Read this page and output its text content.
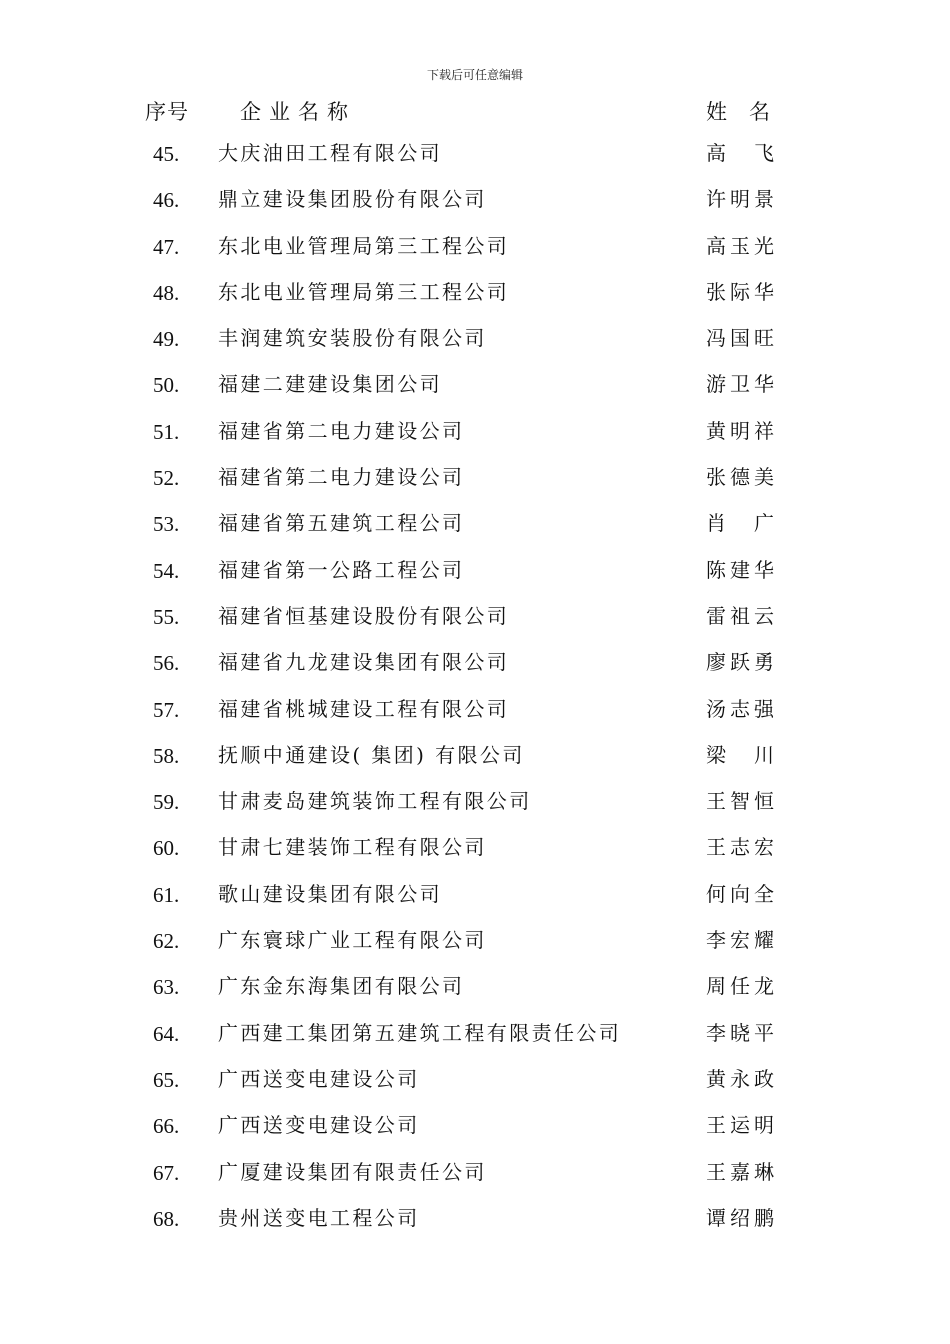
下载后可任意编辑
序号 企业名称	姓名
45. 大庆油田工程有限公司	高　飞
46. 鼎立建设集团股份有限公司	许明景
47. 东北电业管理局第三工程公司	高玉光
48. 东北电业管理局第三工程公司	张际华
49. 丰润建筑安装股份有限公司	冯国旺
50. 福建二建建设集团公司	游卫华
51. 福建省第二电力建设公司	黄明祥
52. 福建省第二电力建设公司	张德美
53. 福建省第五建筑工程公司	肖　广
54. 福建省第一公路工程公司	陈建华
55. 福建省恒基建设股份有限公司	雷祖云
56. 福建省九龙建设集团有限公司	廖跃勇
57. 福建省桃城建设工程有限公司	汤志强
58. 抚顺中通建设( 集团) 有限公司	梁　川
59. 甘肃麦岛建筑装饰工程有限公司	王智恒
60. 甘肃七建装饰工程有限公司	王志宏
61. 歌山建设集团有限公司	何向全
62. 广东寰球广业工程有限公司	李宏耀
63. 广东金东海集团有限公司	周任龙
64. 广西建工集团第五建筑工程有限责任公司	李晓平
65. 广西送变电建设公司	黄永政
66. 广西送变电建设公司	王运明
67. 广厦建设集团有限责任公司	王嘉琳
68. 贵州送变电工程公司	谭绍鹏
